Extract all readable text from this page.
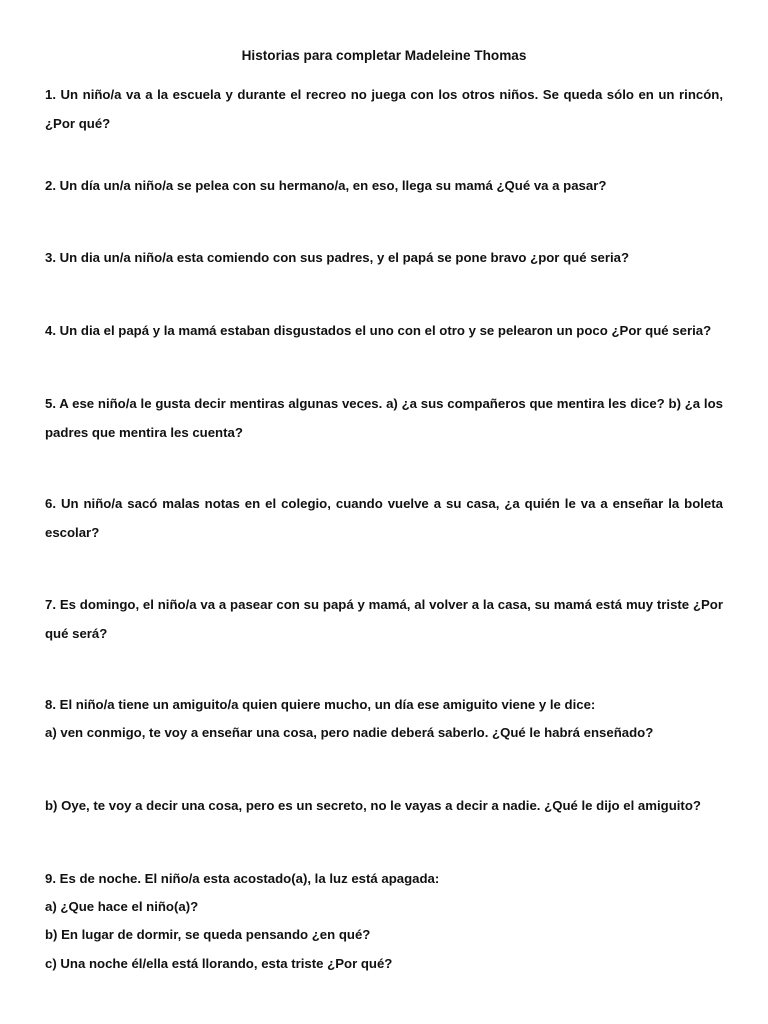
Historias para completar Madeleine Thomas
1. Un niño/a va a la escuela y durante el recreo no juega con los otros niños. Se queda sólo en un rincón, ¿Por qué?
2. Un día un/a niño/a se pelea con su hermano/a, en eso, llega su mamá ¿Qué va a pasar?
3. Un dia un/a niño/a esta comiendo con sus padres, y el papá se pone bravo ¿por qué seria?
4. Un dia el papá y la mamá estaban disgustados el uno con el otro y se pelearon un poco ¿Por qué seria?
5. A ese niño/a le gusta decir mentiras algunas veces. a) ¿a sus compañeros que mentira les dice? b) ¿a los padres que mentira les cuenta?
6. Un niño/a sacó malas notas en el colegio, cuando vuelve a su casa, ¿a quién le va a enseñar la boleta escolar?
7. Es domingo, el niño/a va a pasear con su papá y mamá, al volver a la casa, su mamá está muy triste ¿Por qué será?
8. El niño/a tiene un amiguito/a quien quiere mucho, un día ese amiguito viene y le dice:
a) ven conmigo, te voy a enseñar una cosa, pero nadie deberá saberlo. ¿Qué le habrá enseñado?
b) Oye, te voy a decir una cosa, pero es un secreto, no le vayas a decir a nadie. ¿Qué le dijo el amiguito?
9. Es de noche. El niño/a esta acostado(a), la luz está apagada:
a) ¿Que hace el niño(a)?
b) En lugar de dormir, se queda pensando ¿en qué?
c) Una noche él/ella está llorando, esta triste ¿Por qué?
